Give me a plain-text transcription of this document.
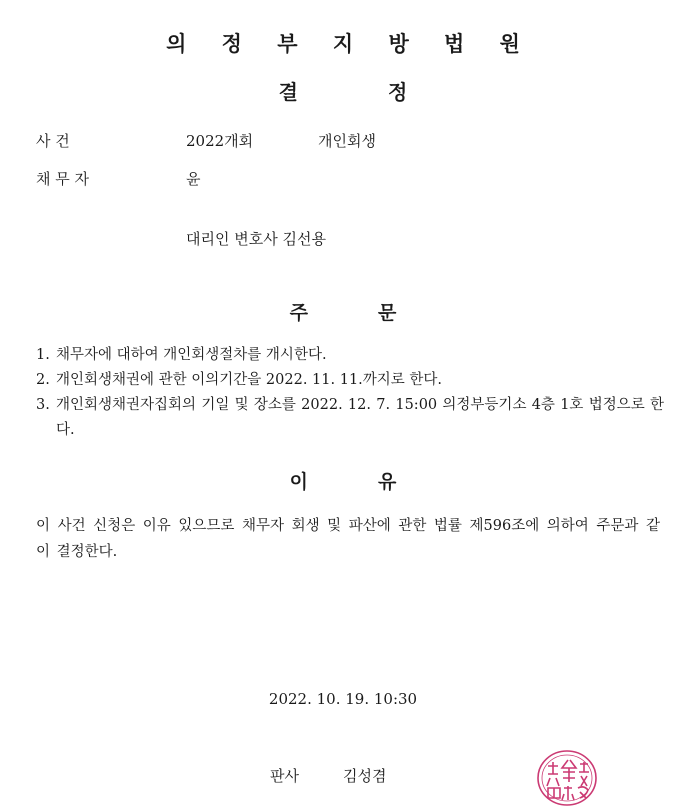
의 정 부 지 방 법 원
결	정
사 건	2022개회	개인회생
채 무 자	윤
대리인 변호사 김선용
주	문
1. 채무자에 대하여 개인회생절차를 개시한다.
2. 개인회생채권에 관한 이의기간을 2022. 11. 11.까지로 한다.
3. 개인회생채권자집회의 기일 및 장소를 2022. 12. 7. 15:00 의정부등기소 4층 1호 법정으로 한다.
이	유
이 사건 신청은 이유 있으므로 채무자 회생 및 파산에 관한 법률 제596조에 의하여 주문과 같이 결정한다.
2022. 10. 19. 10:30
판사	김성겸
